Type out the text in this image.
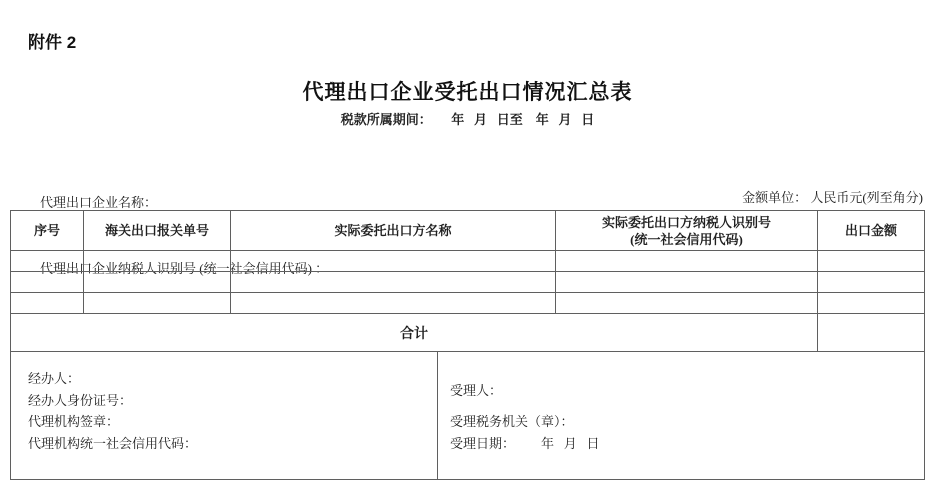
附件 2
代理出口企业受托出口情况汇总表
税款所属期间：      年   月   日至    年   月   日

代理出口企业名称：

代理出口企业纳税人识别号 (统一社会信用代码) ：

金额单位： 人民币元(列至角分)
序号	海关出口报关单号	实际委托出口方名称	实际委托出口方纳税人识别号
(统一社会信用代码)	出口金额

合计				
经办人：
经办人身份证号：
代理机构签章：
代理机构统一社会信用代码：
受理人：
受理税务机关（章）：
受理日期：        年   月   日
